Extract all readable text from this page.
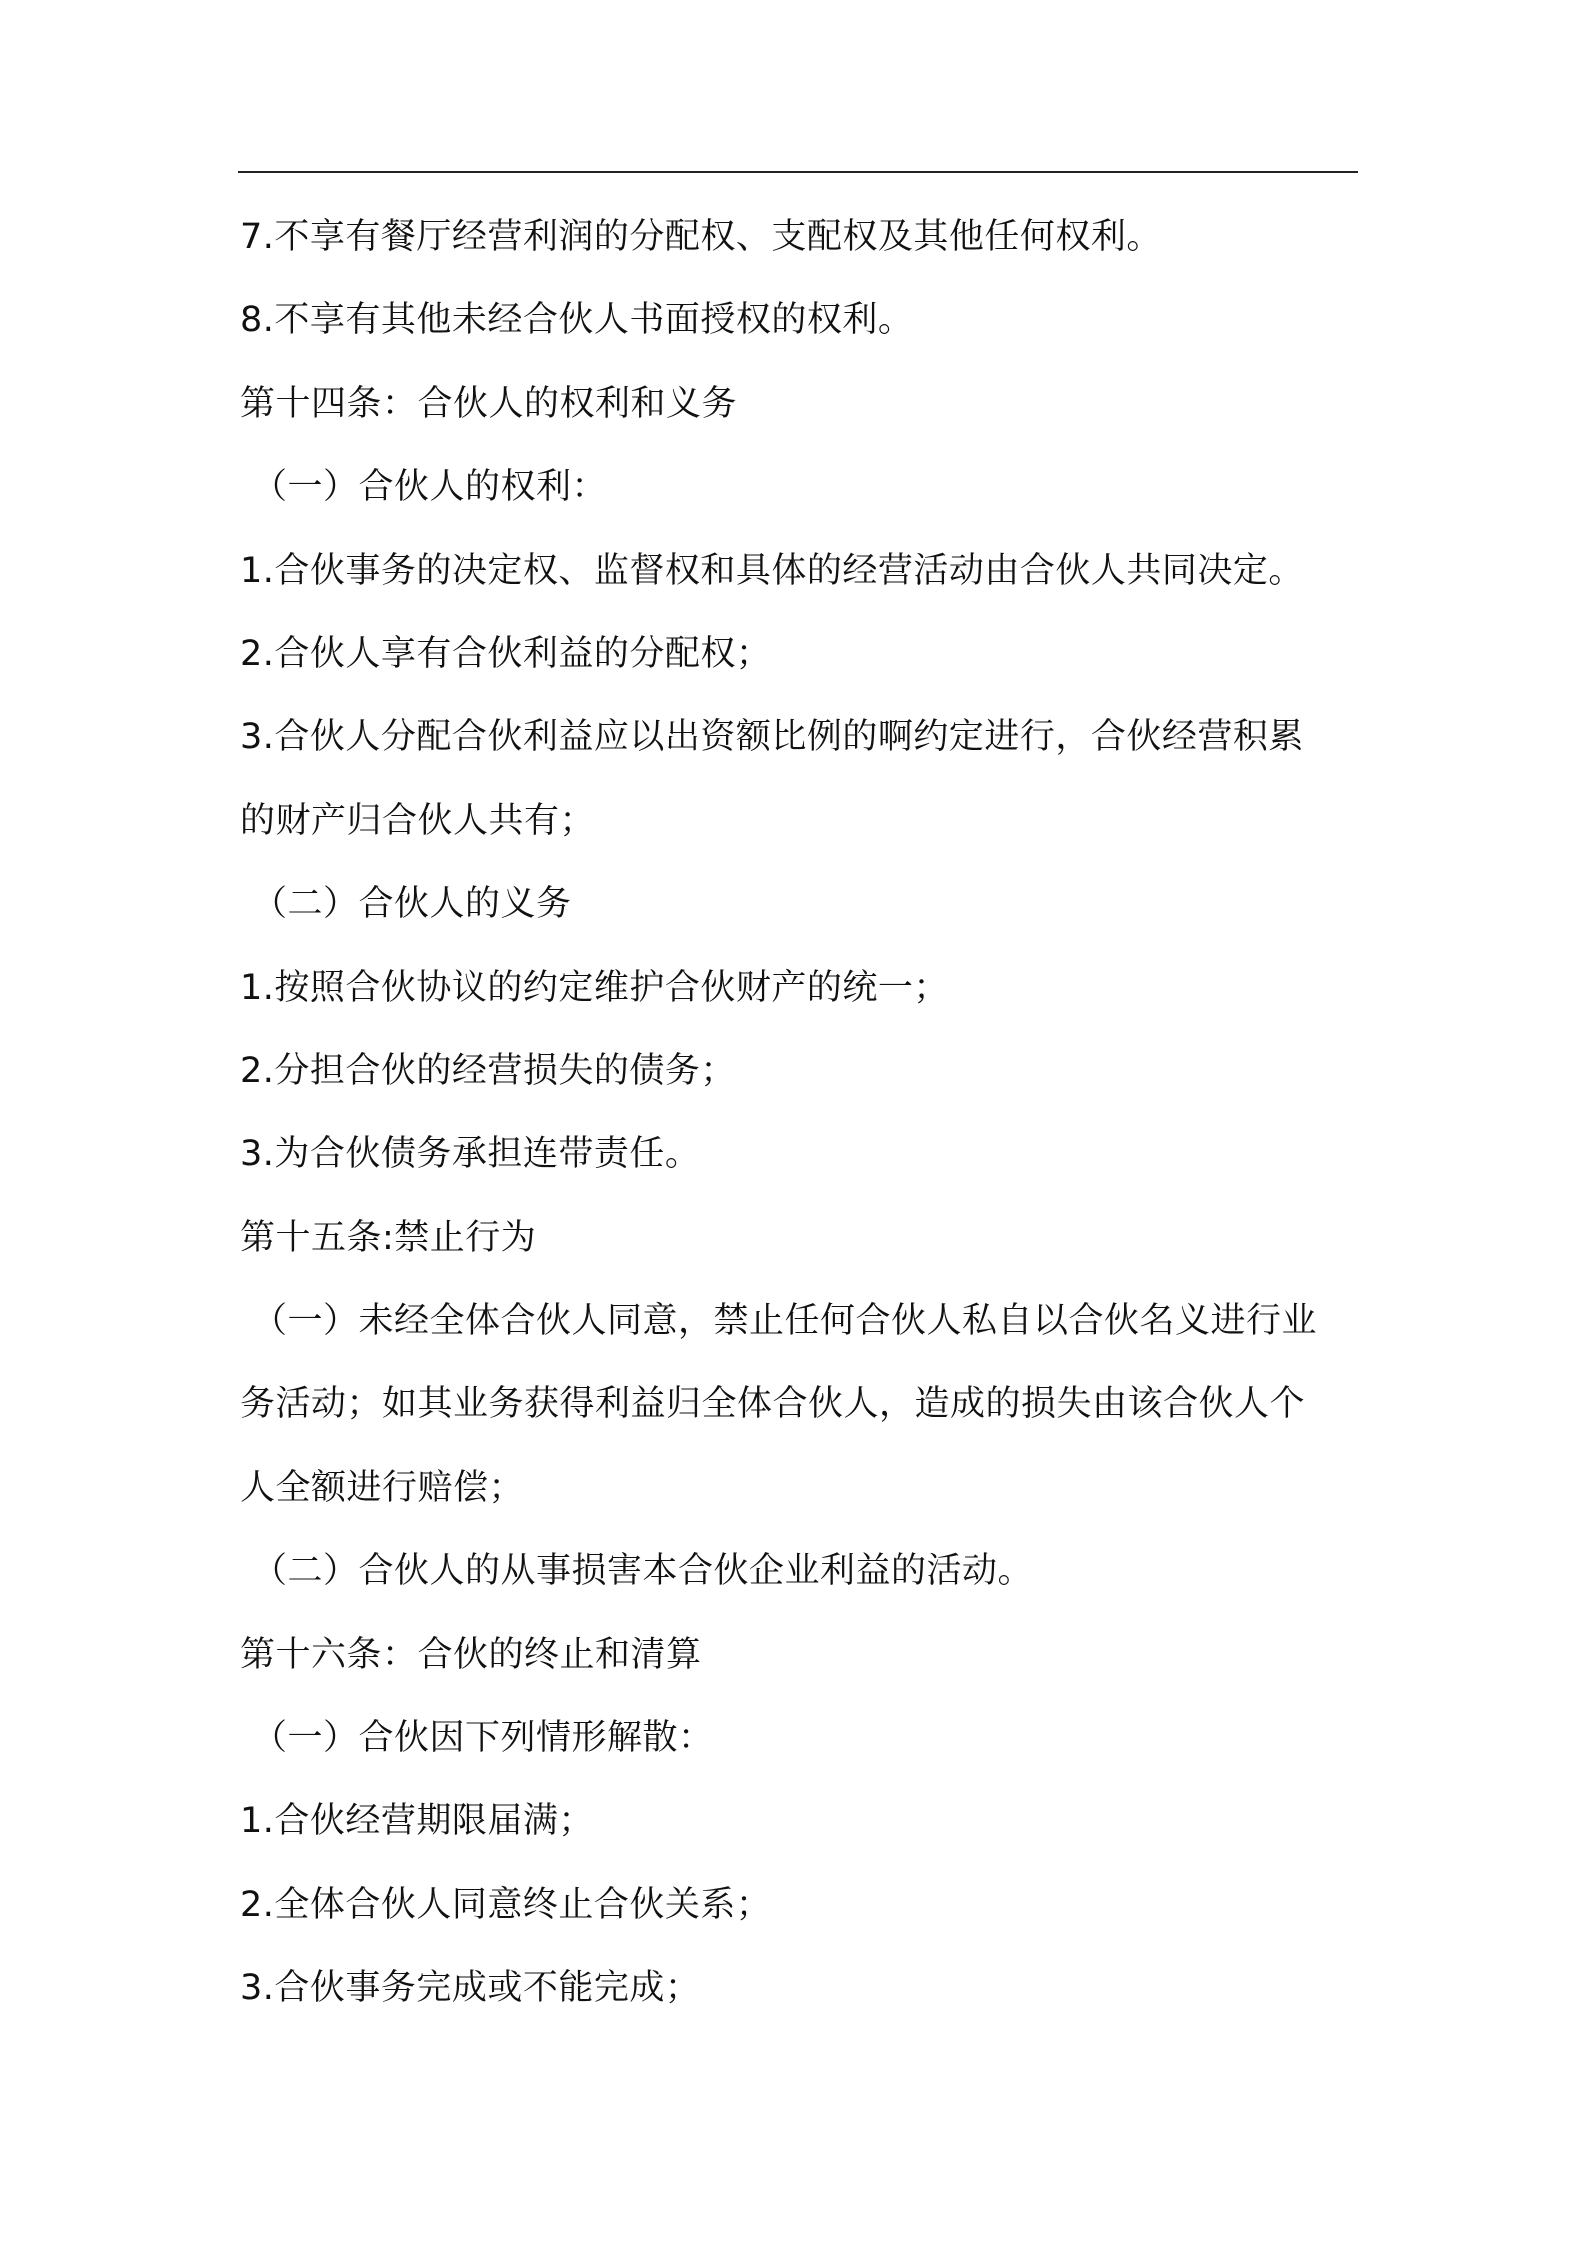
7.不享有餐厅经营利润的分配权、支配权及其他任何权利。
8.不享有其他未经合伙人书面授权的权利。
第十四条：合伙人的权利和义务
（一）合伙人的权利：
1.合伙事务的决定权、监督权和具体的经营活动由合伙人共同决定。
2.合伙人享有合伙利益的分配权；
3.合伙人分配合伙利益应以出资额比例的啊约定进行，合伙经营积累
的财产归合伙人共有；
（二）合伙人的义务
1.按照合伙协议的约定维护合伙财产的统一；
2.分担合伙的经营损失的债务；
3.为合伙债务承担连带责任。
第十五条:禁止行为
（一）未经全体合伙人同意，禁止任何合伙人私自以合伙名义进行业
务活动；如其业务获得利益归全体合伙人，造成的损失由该合伙人个
人全额进行赔偿；
（二）合伙人的从事损害本合伙企业利益的活动。
第十六条：合伙的终止和清算
（一）合伙因下列情形解散：
1.合伙经营期限届满；
2.全体合伙人同意终止合伙关系；
3.合伙事务完成或不能完成；
